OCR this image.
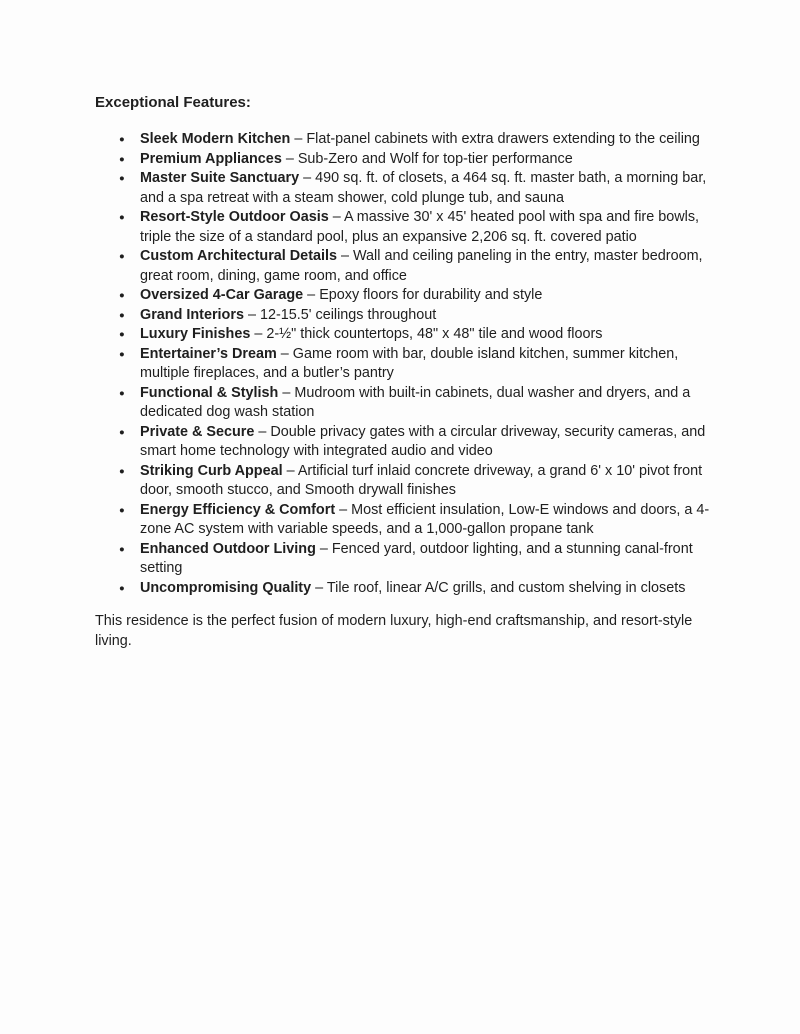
Exceptional Features:
● Sleek Modern Kitchen – Flat-panel cabinets with extra drawers extending to the ceiling
● Premium Appliances – Sub-Zero and Wolf for top-tier performance
● Master Suite Sanctuary – 490 sq. ft. of closets, a 464 sq. ft. master bath, a morning bar, and a spa retreat with a steam shower, cold plunge tub, and sauna
● Resort-Style Outdoor Oasis – A massive 30' x 45' heated pool with spa and fire bowls, triple the size of a standard pool, plus an expansive 2,206 sq. ft. covered patio
● Custom Architectural Details – Wall and ceiling paneling in the entry, master bedroom, great room, dining, game room, and office
● Oversized 4-Car Garage – Epoxy floors for durability and style
● Grand Interiors – 12-15.5' ceilings throughout
● Luxury Finishes – 2-½" thick countertops, 48" x 48" tile and wood floors
● Entertainer’s Dream – Game room with bar, double island kitchen, summer kitchen, multiple fireplaces, and a butler’s pantry
● Functional & Stylish – Mudroom with built-in cabinets, dual washer and dryers, and a dedicated dog wash station
● Private & Secure – Double privacy gates with a circular driveway, security cameras, and smart home technology with integrated audio and video
● Striking Curb Appeal – Artificial turf inlaid concrete driveway, a grand 6' x 10' pivot front door, smooth stucco, and Smooth drywall finishes
● Energy Efficiency & Comfort – Most efficient insulation, Low-E windows and doors, a 4-zone AC system with variable speeds, and a 1,000-gallon propane tank
● Enhanced Outdoor Living – Fenced yard, outdoor lighting, and a stunning canal-front setting
● Uncompromising Quality – Tile roof, linear A/C grills, and custom shelving in closets

This residence is the perfect fusion of modern luxury, high-end craftsmanship, and resort-style living.
